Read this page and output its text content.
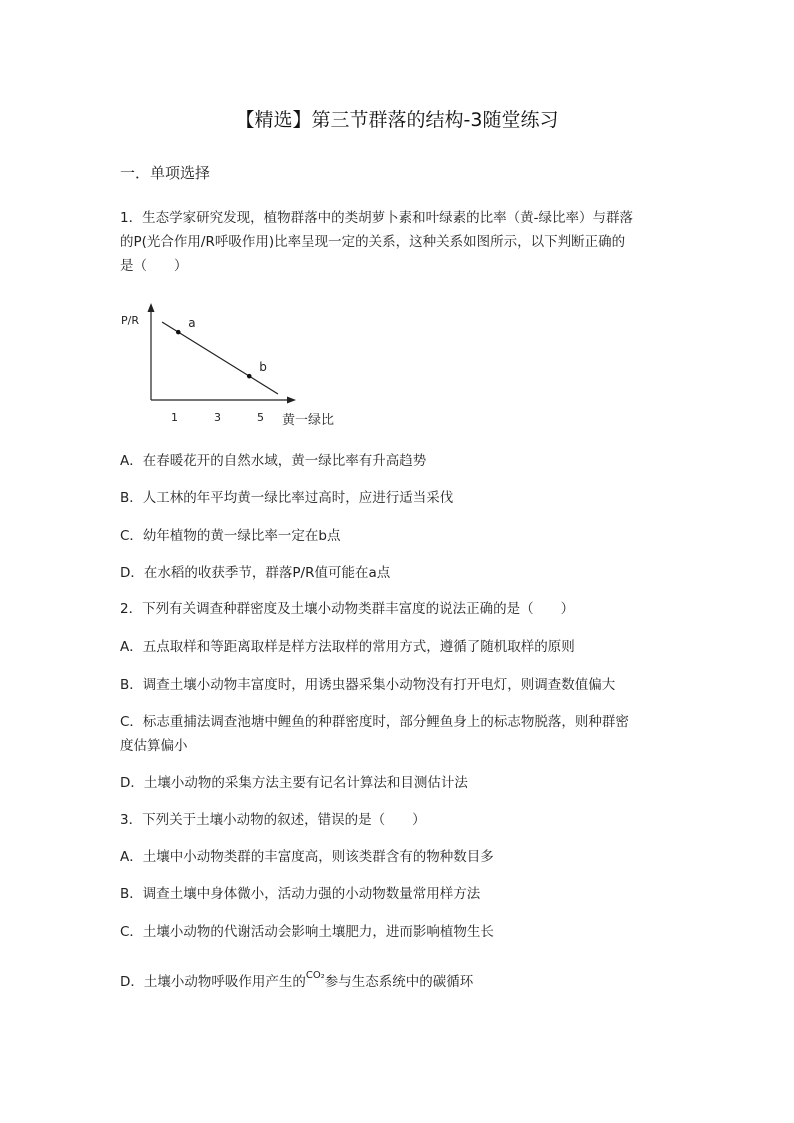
【精选】第三节群落的结构-3随堂练习
一．单项选择
1．生态学家研究发现，植物群落中的类胡萝卜素和叶绿素的比率（黄-绿比率）与群落
的P(光合作用/R呼吸作用)比率呈现一定的关系，这种关系如图所示，以下判断正确的
是（　　）
P/R
黄一绿比
1	3	5
a
b
A．在春暖花开的自然水域，黄一绿比率有升高趋势
B．人工林的年平均黄一绿比率过高时，应进行适当采伐
C．幼年植物的黄一绿比率一定在b点
D．在水稻的收获季节，群落P/R值可能在a点
2．下列有关调查种群密度及土壤小动物类群丰富度的说法正确的是（　　）
A．五点取样和等距离取样是样方法取样的常用方式，遵循了随机取样的原则
B．调查土壤小动物丰富度时，用诱虫器采集小动物没有打开电灯，则调查数值偏大
C．标志重捕法调查池塘中鲤鱼的种群密度时，部分鲤鱼身上的标志物脱落，则种群密
度估算偏小
D．土壤小动物的采集方法主要有记名计算法和目测估计法
3．下列关于土壤小动物的叙述，错误的是（　　）
A．土壤中小动物类群的丰富度高，则该类群含有的物种数目多
B．调查土壤中身体微小，活动力强的小动物数量常用样方法
C．土壤小动物的代谢活动会影响土壤肥力，进而影响植物生长
D．土壤小动物呼吸作用产生的$^{CO_2}$参与生态系统中的碳循环
